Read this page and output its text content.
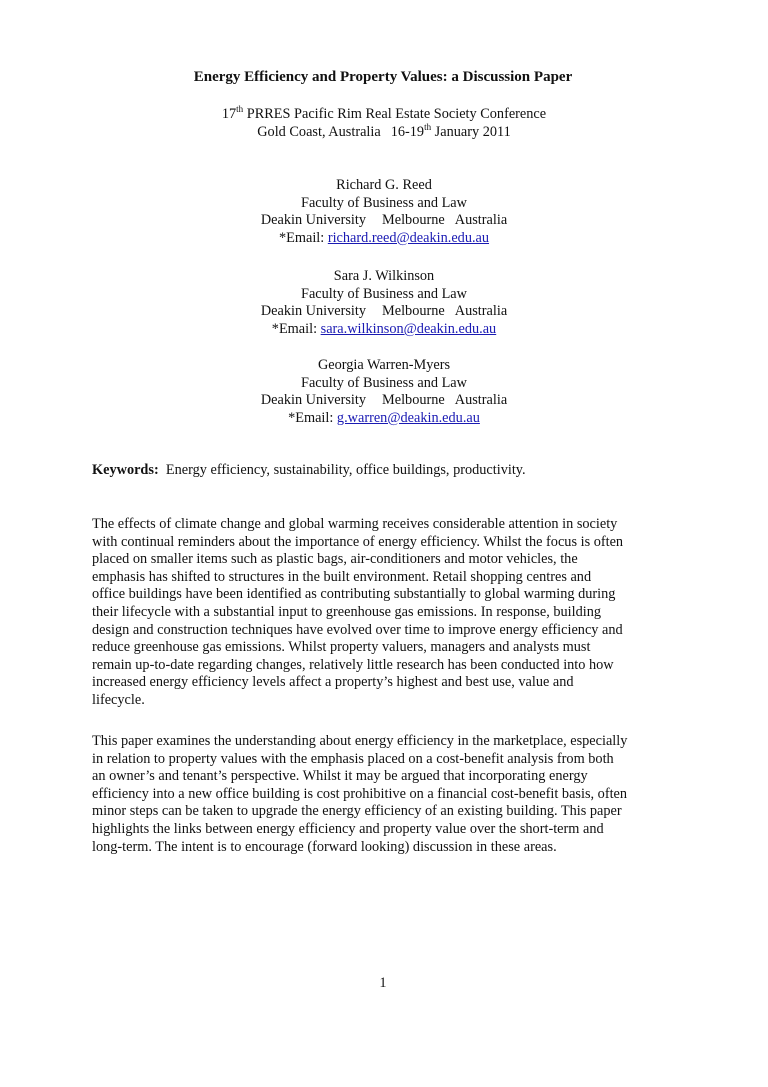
Energy Efficiency and Property Values: a Discussion Paper
17th PRRES Pacific Rim Real Estate Society Conference
Gold Coast, Australia 16-19th January 2011
Richard G. Reed
Faculty of Business and Law
Deakin University Melbourne Australia
*Email: richard.reed@deakin.edu.au
Sara J. Wilkinson
Faculty of Business and Law
Deakin University Melbourne Australia
*Email: sara.wilkinson@deakin.edu.au
Georgia Warren-Myers
Faculty of Business and Law
Deakin University Melbourne Australia
*Email: g.warren@deakin.edu.au
Keywords: Energy efficiency, sustainability, office buildings, productivity.
The effects of climate change and global warming receives considerable attention in society
with continual reminders about the importance of energy efficiency. Whilst the focus is often
placed on smaller items such as plastic bags, air-conditioners and motor vehicles, the
emphasis has shifted to structures in the built environment. Retail shopping centres and
office buildings have been identified as contributing substantially to global warming during
their lifecycle with a substantial input to greenhouse gas emissions. In response, building
design and construction techniques have evolved over time to improve energy efficiency and
reduce greenhouse gas emissions. Whilst property valuers, managers and analysts must
remain up-to-date regarding changes, relatively little research has been conducted into how
increased energy efficiency levels affect a property’s highest and best use, value and
lifecycle.
This paper examines the understanding about energy efficiency in the marketplace, especially
in relation to property values with the emphasis placed on a cost-benefit analysis from both
an owner’s and tenant’s perspective. Whilst it may be argued that incorporating energy
efficiency into a new office building is cost prohibitive on a financial cost-benefit basis, often
minor steps can be taken to upgrade the energy efficiency of an existing building. This paper
highlights the links between energy efficiency and property value over the short-term and
long-term. The intent is to encourage (forward looking) discussion in these areas.
1
